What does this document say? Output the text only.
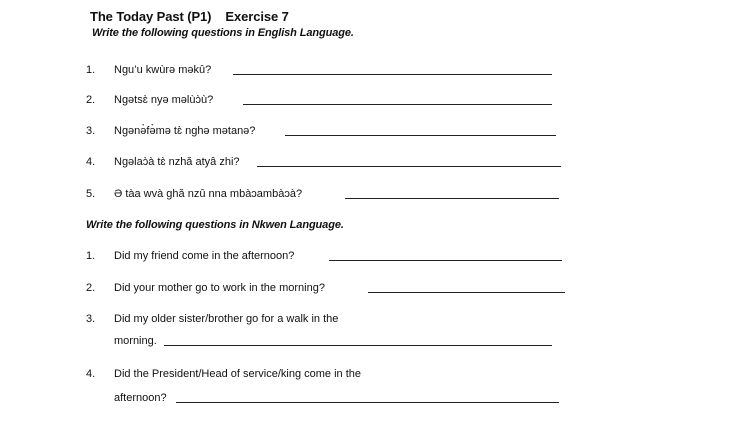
The Today Past (P1)    Exercise 7
Write the following questions in English Language.
1. Ngu’u kwùrə məkû?
2. Ngətsɛ̀ nyə məlùɔ̀ù?
3. Ngənə̀fə̀mə tɛ̀ nghə mətanə?
4. Ngəlaɔ̀à tɛ̀ nzhă atyâ zhi?
5. Ə tàa wvà ghă nzû nna mbàɔambàɔà?
Write the following questions in Nkwen Language.
1. Did my friend come in the afternoon?
2. Did your mother go to work in the morning?
3. Did my older sister/brother go for a walk in the
morning.
4. Did the President/Head of service/king come in the
afternoon?
